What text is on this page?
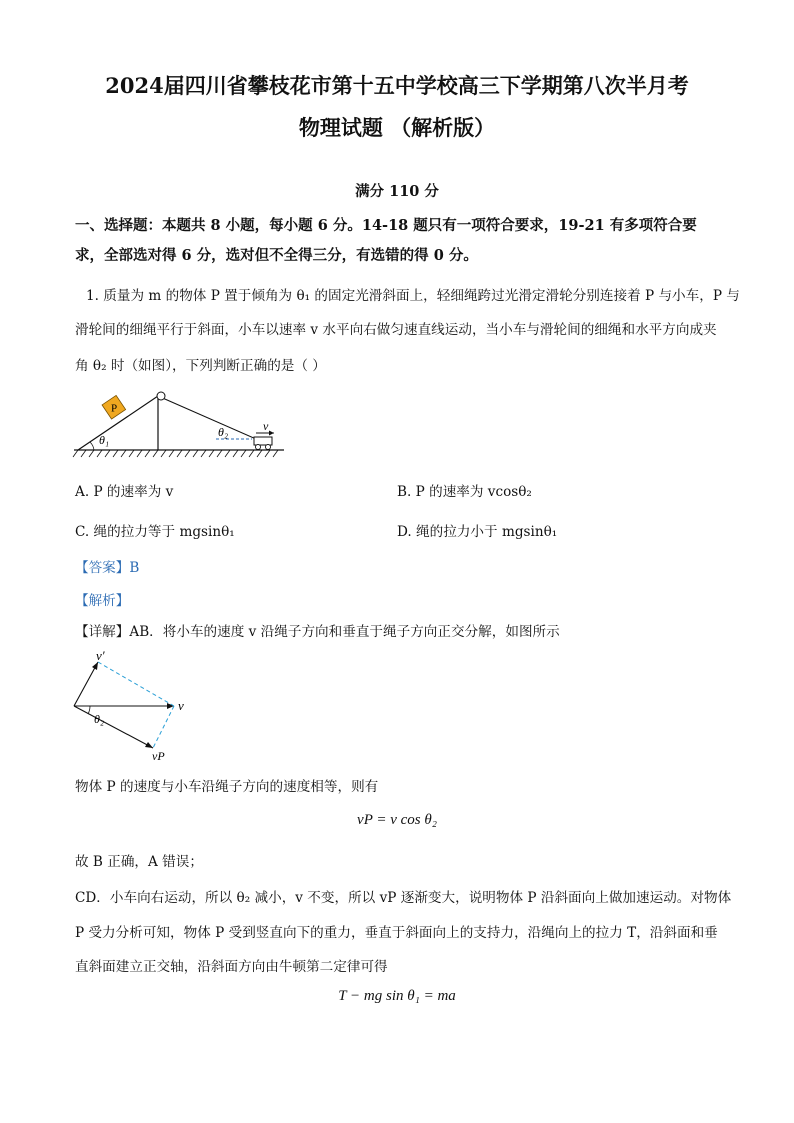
2024届四川省攀枝花市第十五中学校高三下学期第八次半月考
物理试题 （解析版）
满分 110 分
一、选择题：本题共 8 小题，每小题 6 分。14-18 题只有一项符合要求，19-21 有多项符合要
求，全部选对得 6 分，选对但不全得三分，有选错的得 0 分。
1. 质量为 m 的物体 P 置于倾角为 θ₁ 的固定光滑斜面上，轻细绳跨过光滑定滑轮分别连接着 P 与小车，P 与
滑轮间的细绳平行于斜面，小车以速率 v 水平向右做匀速直线运动，当小车与滑轮间的细绳和水平方向成夹
角 θ₂ 时（如图），下列判断正确的是（ ）
P
θ₁
θ₂	v
A. P 的速率为 v	B. P 的速率为 vcosθ₂
C. 绳的拉力等于 mgsinθ₁	D. 绳的拉力小于 mgsinθ₁
【答案】B
【解析】
【详解】AB．将小车的速度 v 沿绳子方向和垂直于绳子方向正交分解，如图所示
v′
v
θ₂
vP
物体 P 的速度与小车沿绳子方向的速度相等，则有
vP = v cos θ₂
故 B 正确，A 错误；
CD．小车向右运动，所以 θ₂ 减小，v 不变，所以 vP 逐渐变大，说明物体 P 沿斜面向上做加速运动。对物体
P 受力分析可知，物体 P 受到竖直向下的重力，垂直于斜面向上的支持力，沿绳向上的拉力 T，沿斜面和垂
直斜面建立正交轴，沿斜面方向由牛顿第二定律可得
T − mg sin θ₁ = ma
